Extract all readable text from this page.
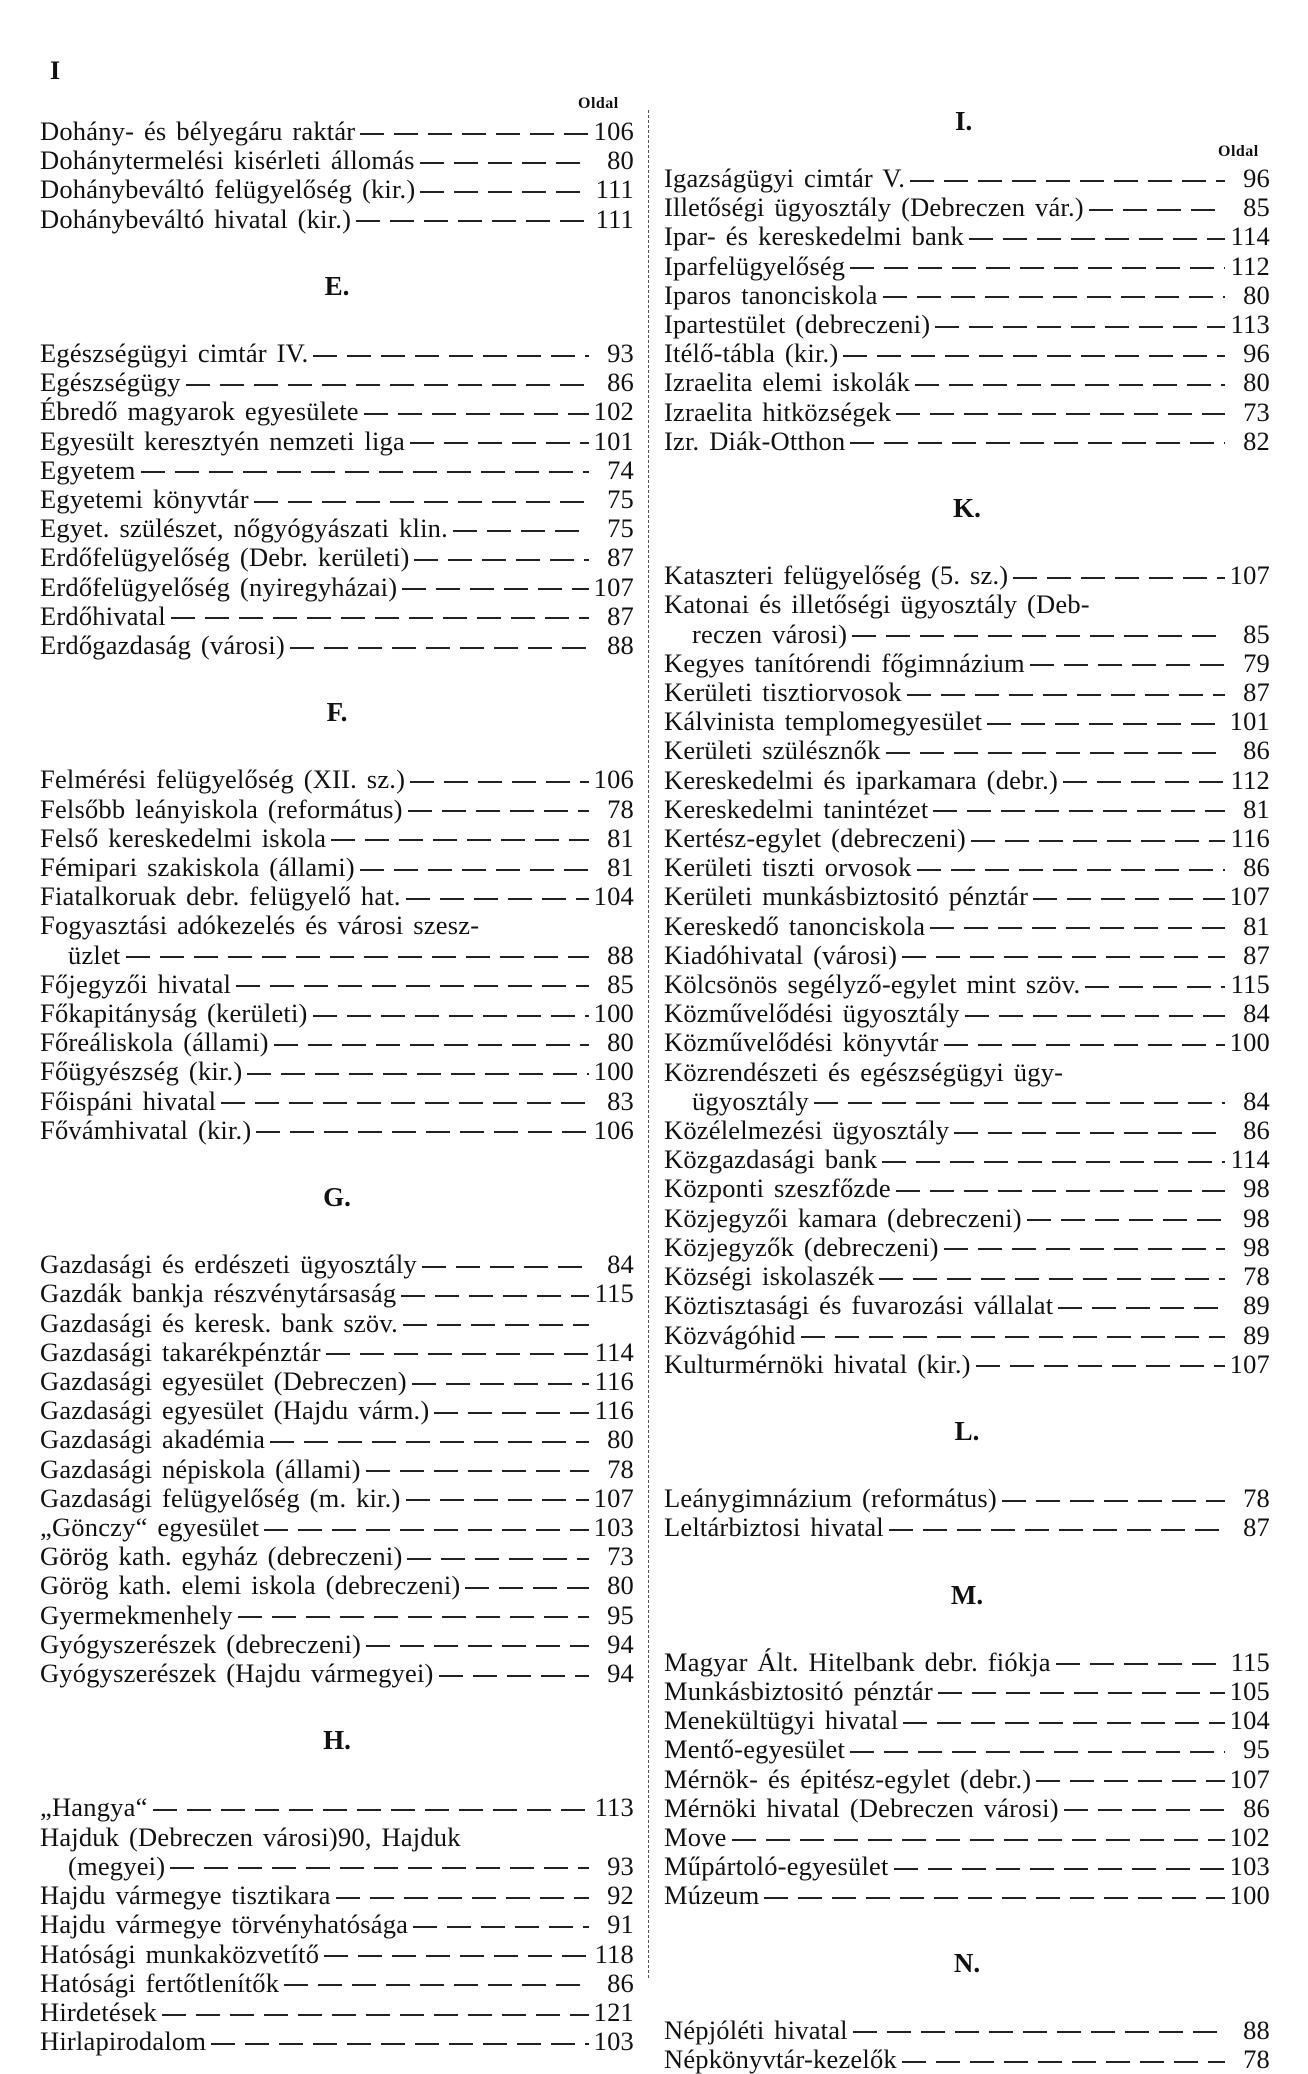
I
Oldal
I.
Oldal
Dohány- és bélyegáru raktár	106
Dohánytermelési kisérleti állomás	80
Dohánybeváltó felügyelőség (kir.)	111
Dohánybeváltó hivatal (kir.)	111
E.
Egészségügyi cimtár IV.	93
Egészségügy	86
Ébredő magyarok egyesülete	102
Egyesült keresztyén nemzeti liga	101
Egyetem	74
Egyetemi könyvtár	75
Egyet. szülészet, nőgyógyászati klin.	75
Erdőfelügyelőség (Debr. kerületi)	87
Erdőfelügyelőség (nyiregyházai)	107
Erdőhivatal	87
Erdőgazdaság (városi)	88
F.
Felmérési felügyelőség (XII. sz.)	106
Felsőbb leányiskola (református)	78
Felső kereskedelmi iskola	81
Fémipari szakiskola (állami)	81
Fiatalkoruak debr. felügyelő hat.	104
Fogyasztási adókezelés és városi szesz-
üzlet	88
Főjegyzői hivatal	85
Főkapitányság (kerületi)	100
Főreáliskola (állami)	80
Főügyészség (kir.)	100
Főispáni hivatal	83
Fővámhivatal (kir.)	106
G.
Gazdasági és erdészeti ügyosztály	84
Gazdák bankja részvénytársaság	115
Gazdasági és keresk. bank szöv.
Gazdasági takarékpénztár	114
Gazdasági egyesület (Debreczen)	116
Gazdasági egyesület (Hajdu várm.)	116
Gazdasági akadémia	80
Gazdasági népiskola (állami)	78
Gazdasági felügyelőség (m. kir.)	107
„Gönczy“ egyesület	103
Görög kath. egyház (debreczeni)	73
Görög kath. elemi iskola (debreczeni)	80
Gyermekmenhely	95
Gyógyszerészek (debreczeni)	94
Gyógyszerészek (Hajdu vármegyei)	94
H.
„Hangya“	113
Hajduk (Debreczen városi)90, Hajduk
(megyei)	93
Hajdu vármegye tisztikara	92
Hajdu vármegye törvényhatósága	91
Hatósági munkaközvetítő	118
Hatósági fertőtlenítők	86
Hirdetések	121
Hirlapirodalom	103
Igazságügyi cimtár V.	96
Illetőségi ügyosztály (Debreczen vár.)	85
Ipar- és kereskedelmi bank	114
Iparfelügyelőség	112
Iparos tanonciskola	80
Ipartestület (debreczeni)	113
Itélő-tábla (kir.)	96
Izraelita elemi iskolák	80
Izraelita hitközségek	73
Izr. Diák-Otthon	82
K.
Kataszteri felügyelőség (5. sz.)	107
Katonai és illetőségi ügyosztály (Deb-
reczen városi)	85
Kegyes tanítórendi főgimnázium	79
Kerületi tisztiorvosok	87
Kálvinista templomegyesület	101
Kerületi szülésznők	86
Kereskedelmi és iparkamara (debr.)	112
Kereskedelmi tanintézet	81
Kertész-egylet (debreczeni)	116
Kerületi tiszti orvosok	86
Kerületi munkásbiztositó pénztár	107
Kereskedő tanonciskola	81
Kiadóhivatal (városi)	87
Kölcsönös segélyző-egylet mint szöv.	115
Közművelődési ügyosztály	84
Közművelődési könyvtár	100
Közrendészeti és egészségügyi ügy-
ügyosztály	84
Közélelmezési ügyosztály	86
Közgazdasági bank	114
Központi szeszfőzde	98
Közjegyzői kamara (debreczeni)	98
Közjegyzők (debreczeni)	98
Községi iskolaszék	78
Köztisztasági és fuvarozási vállalat	89
Közvágóhid	89
Kulturmérnöki hivatal (kir.)	107
L.
Leánygimnázium (református)	78
Leltárbiztosi hivatal	87
M.
Magyar Ált. Hitelbank debr. fiókja	115
Munkásbiztositó pénztár	105
Menekültügyi hivatal	104
Mentő-egyesület	95
Mérnök- és épitész-egylet (debr.)	107
Mérnöki hivatal (Debreczen városi)	86
Move	102
Műpártoló-egyesület	103
Múzeum	100
N.
Népjóléti hivatal	88
Népkönyvtár-kezelők	78
